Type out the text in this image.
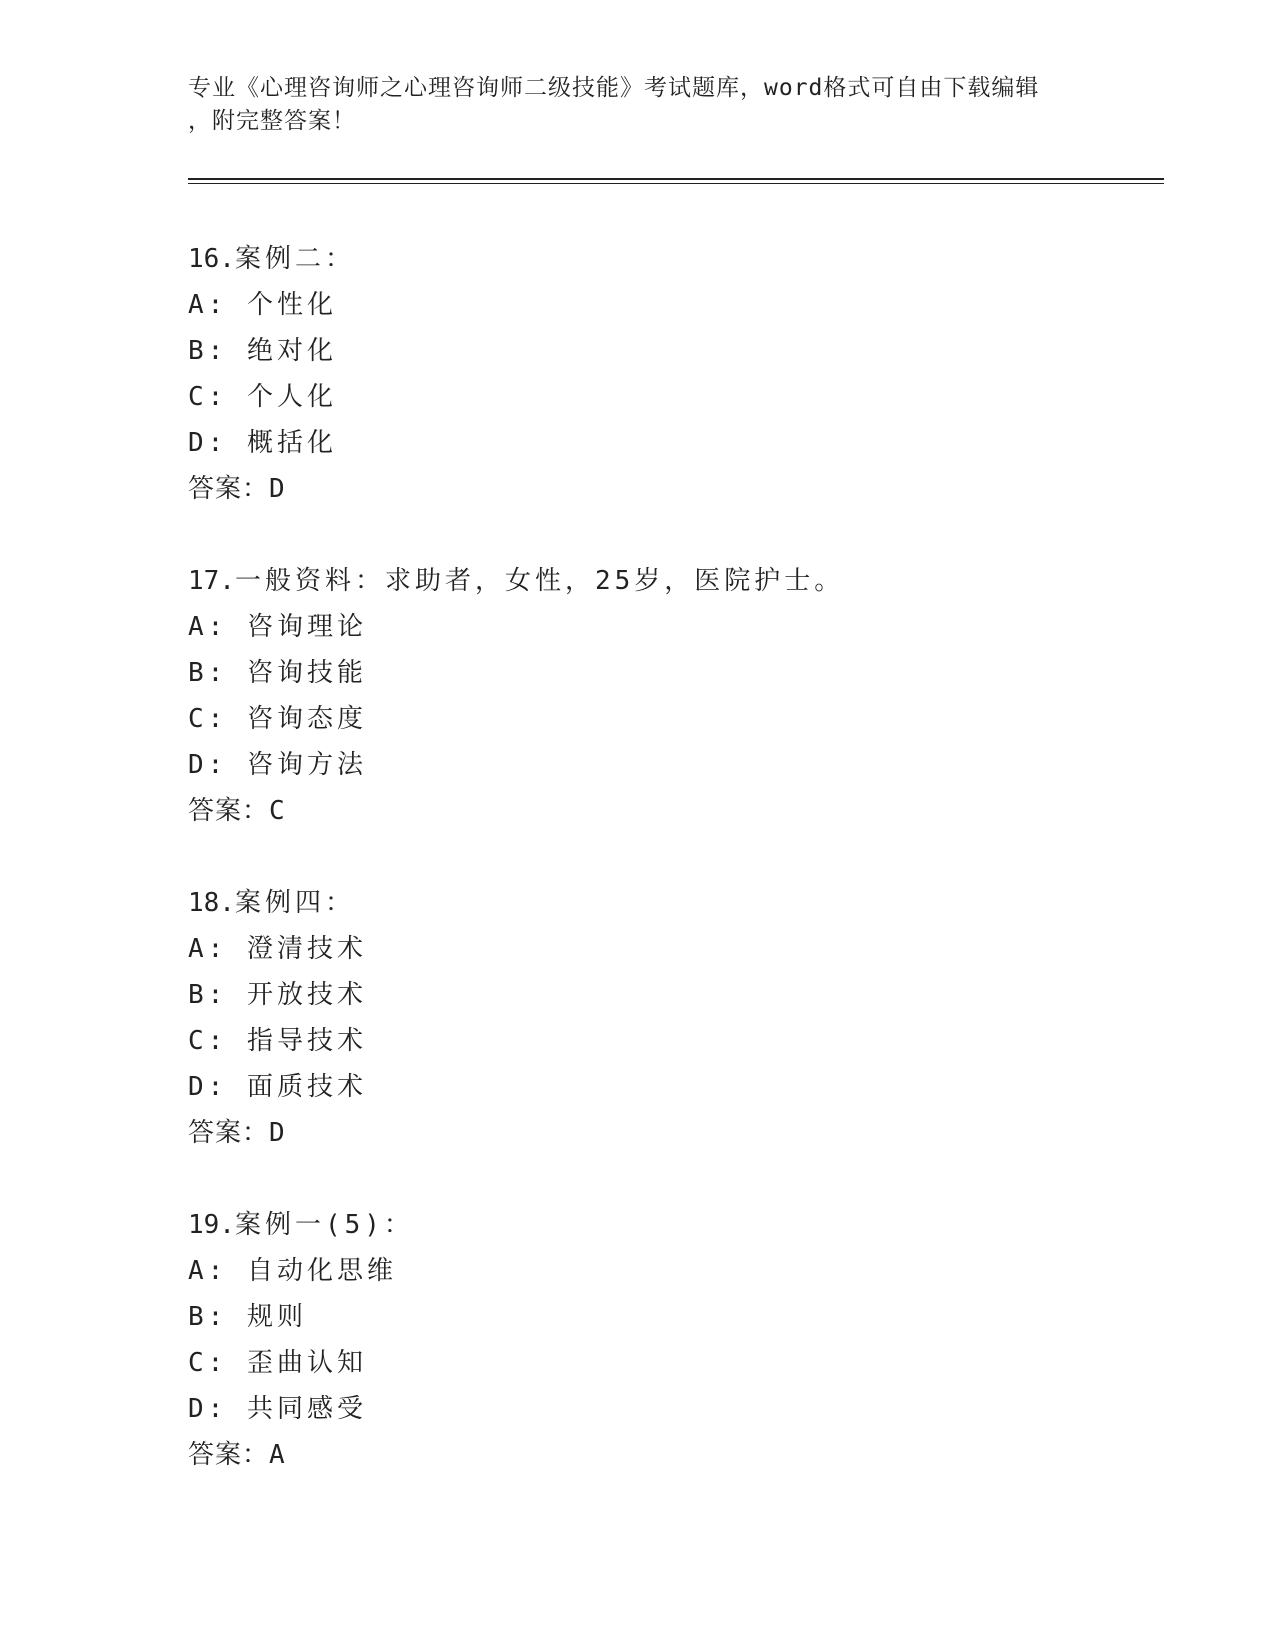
专业《心理咨询师之心理咨询师二级技能》考试题库，word格式可自由下载编辑
，附完整答案！
16.案例二：
A: 个性化
B: 绝对化
C: 个人化
D: 概括化
答案：D
17.一般资料：求助者，女性，25岁，医院护士。
A: 咨询理论
B: 咨询技能
C: 咨询态度
D: 咨询方法
答案：C
18.案例四：
A: 澄清技术
B: 开放技术
C: 指导技术
D: 面质技术
答案：D
19.案例一(5)：
A: 自动化思维
B: 规则
C: 歪曲认知
D: 共同感受
答案：A
